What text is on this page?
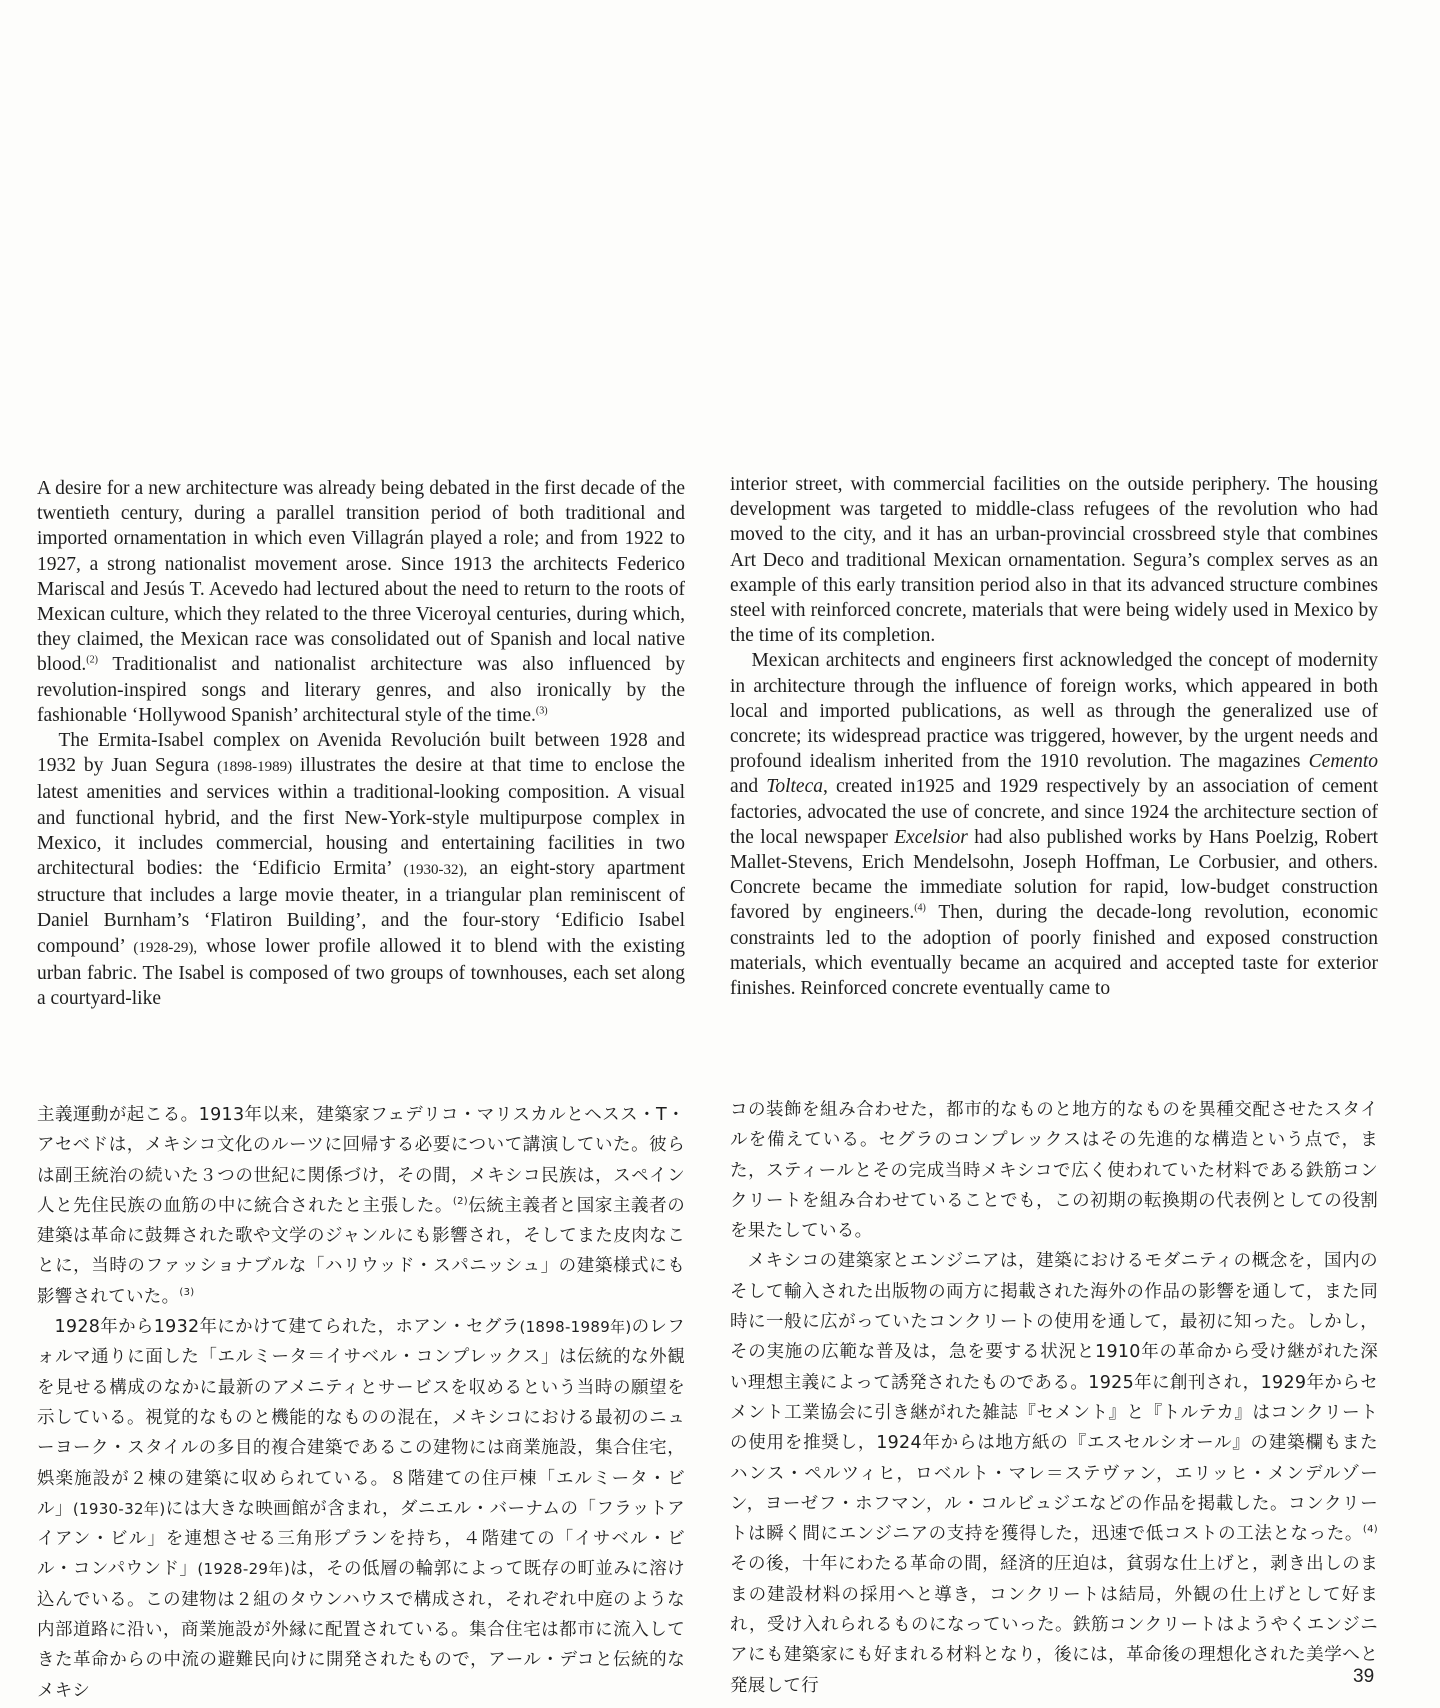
A desire for a new architecture was already being debated in the first decade of the twentieth century, during a parallel transition period of both traditional and imported ornamentation in which even Villagrán played a role; and from 1922 to 1927, a strong nationalist movement arose. Since 1913 the architects Federico Mariscal and Jesús T. Acevedo had lectured about the need to return to the roots of Mexican culture, which they related to the three Viceroyal centuries, during which, they claimed, the Mexican race was consolidated out of Spanish and local native blood.$^{(2)}$ Traditionalist and nationalist architecture was also influenced by revolution-inspired songs and literary genres, and also ironically by the fashionable ‘Hollywood Spanish’ architectural style of the time.$^{(3)}$

The Ermita-Isabel complex on Avenida Revolución built between 1928 and 1932 by Juan Segura (1898-1989) illustrates the desire at that time to enclose the latest amenities and services within a traditional-looking composition. A visual and functional hybrid, and the first New-York-style multipurpose complex in Mexico, it includes commercial, housing and entertaining facilities in two architectural bodies: the ‘Edificio Ermita’ (1930-32), an eight-story apartment structure that includes a large movie theater, in a triangular plan reminiscent of Daniel Burnham’s ‘Flatiron Building’, and the four-story ‘Edificio Isabel compound’ (1928-29), whose lower profile allowed it to blend with the existing urban fabric. The Isabel is composed of two groups of townhouses, each set along a courtyard-like

interior street, with commercial facilities on the outside periphery. The housing development was targeted to middle-class refugees of the revolution who had moved to the city, and it has an urban-provincial crossbreed style that combines Art Deco and traditional Mexican ornamentation. Segura’s complex serves as an example of this early transition period also in that its advanced structure combines steel with reinforced concrete, materials that were being widely used in Mexico by the time of its completion.

Mexican architects and engineers first acknowledged the concept of modernity in architecture through the influence of foreign works, which appeared in both local and imported publications, as well as through the generalized use of concrete; its widespread practice was triggered, however, by the urgent needs and profound idealism inherited from the 1910 revolution. The magazines Cemento and Tolteca, created in1925 and 1929 respectively by an association of cement factories, advocated the use of concrete, and since 1924 the architecture section of the local newspaper Excelsior had also published works by Hans Poelzig, Robert Mallet-Stevens, Erich Mendelsohn, Joseph Hoffman, Le Corbusier, and others. Concrete became the immediate solution for rapid, low-budget construction favored by engineers.$^{(4)}$ Then, during the decade-long revolution, economic constraints led to the adoption of poorly finished and exposed construction materials, which eventually became an acquired and accepted taste for exterior finishes. Reinforced concrete eventually came to

主義運動が起こる。1913年以来，建築家フェデリコ・マリスカルとヘスス・T・アセベドは，メキシコ文化のルーツに回帰する必要について講演していた。彼らは副王統治の続いた３つの世紀に関係づけ，その間，メキシコ民族は，スペイン人と先住民族の血筋の中に統合されたと主張した。$^{(2)}$伝統主義者と国家主義者の建築は革命に鼓舞された歌や文学のジャンルにも影響され，そしてまた皮肉なことに，当時のファッショナブルな「ハリウッド・スパニッシュ」の建築様式にも影響されていた。$^{(3)}$

1928年から1932年にかけて建てられた，ホアン・セグラ(1898-1989年)のレフォルマ通りに面した「エルミータ＝イサベル・コンプレックス」は伝統的な外観を見せる構成のなかに最新のアメニティとサービスを収めるという当時の願望を示している。視覚的なものと機能的なものの混在，メキシコにおける最初のニューヨーク・スタイルの多目的複合建築であるこの建物には商業施設，集合住宅，娯楽施設が２棟の建築に収められている。８階建ての住戸棟「エルミータ・ビル」(1930-32年)には大きな映画館が含まれ，ダニエル・バーナムの「フラットアイアン・ビル」を連想させる三角形プランを持ち，４階建ての「イサベル・ビル・コンパウンド」(1928-29年)は，その低層の輪郭によって既存の町並みに溶け込んでいる。この建物は２組のタウンハウスで構成され，それぞれ中庭のような内部道路に沿い，商業施設が外縁に配置されている。集合住宅は都市に流入してきた革命からの中流の避難民向けに開発されたもので，アール・デコと伝統的なメキシ

コの装飾を組み合わせた，都市的なものと地方的なものを異種交配させたスタイルを備えている。セグラのコンプレックスはその先進的な構造という点で，また，スティールとその完成当時メキシコで広く使われていた材料である鉄筋コンクリートを組み合わせていることでも，この初期の転換期の代表例としての役割を果たしている。

メキシコの建築家とエンジニアは，建築におけるモダニティの概念を，国内のそして輸入された出版物の両方に掲載された海外の作品の影響を通して，また同時に一般に広がっていたコンクリートの使用を通して，最初に知った。しかし，その実施の広範な普及は，急を要する状況と1910年の革命から受け継がれた深い理想主義によって誘発されたものである。1925年に創刊され，1929年からセメント工業協会に引き継がれた雑誌『セメント』と『トルテカ』はコンクリートの使用を推奨し，1924年からは地方紙の『エスセルシオール』の建築欄もまたハンス・ペルツィヒ，ロベルト・マレ＝ステヴァン，エリッヒ・メンデルゾーン，ヨーゼフ・ホフマン，ル・コルビュジエなどの作品を掲載した。コンクリートは瞬く間にエンジニアの支持を獲得した，迅速で低コストの工法となった。$^{(4)}$その後，十年にわたる革命の間，経済的圧迫は，貧弱な仕上げと，剥き出しのままの建設材料の採用へと導き，コンクリートは結局，外観の仕上げとして好まれ，受け入れられるものになっていった。鉄筋コンクリートはようやくエンジニアにも建築家にも好まれる材料となり，後には，革命後の理想化された美学へと発展して行	39
